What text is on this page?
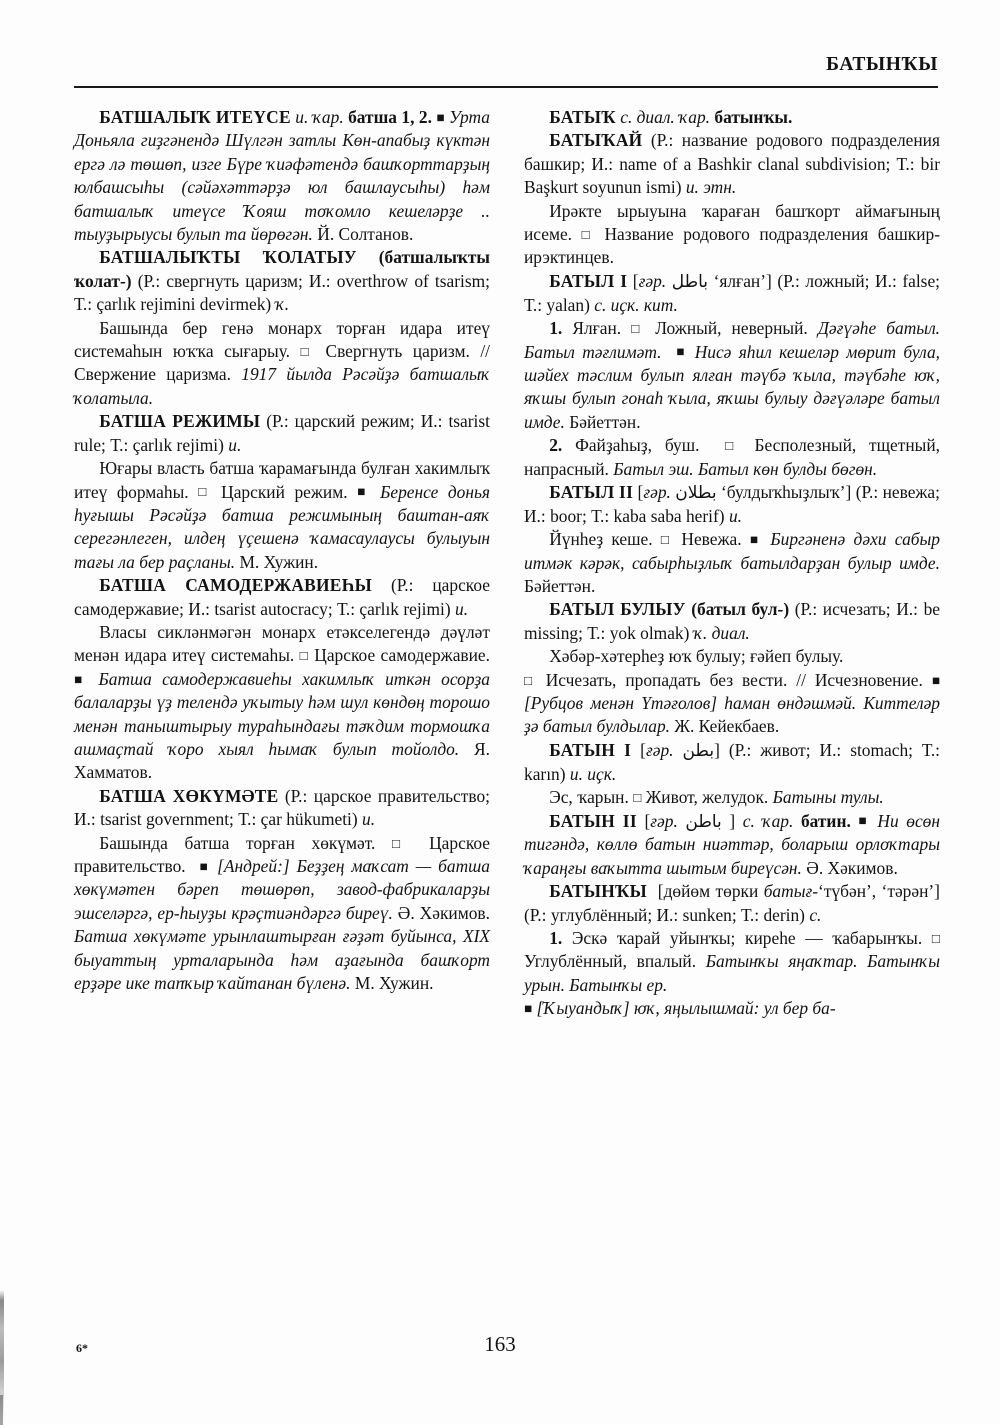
БАТЫНҠЫ

БАТШАЛЫҠ ИТЕҮСЕ и. ҡар. батша 1, 2. ■ Урта Доньяла гиҙгәнендә Шүлгән затлы Көн-апабыҙ күктән ергә лә төшөп, изге Бүре ҡиәфәтендә башҡорттарҙың юлбашсыһы (сәйәхәттәрҙә юл башлаусыһы) һәм батшалыҡ итеүсе Ҡояш тоҡомло кешеләрҙе .. тыуҙырыусы булып та йөрөгән. Й. Солтанов.

БАТШАЛЫҠТЫ ҠОЛАТЫУ (батшалыҡты ҡолат-) (Р.: свергнуть царизм; И.: overthrow of tsarism; Т.: çarlık rejimini devirmek) ҡ.

Башында бер генә монарх торған идара итеү системаһын юҡҡа сығарыу. □ Свергнуть царизм. // Свержение царизма. 1917 йылда Рәсәйҙә батшалыҡ ҡолатыла.

БАТША РЕЖИМЫ (Р.: царский режим; И.: tsarist rule; Т.: çarlık rejimi) и.

Юғары власть батша ҡарамағында булған хакимлыҡ итеү формаһы. □ Царский режим. ■ Беренсе донья һуғышы Рәсәйҙә батша режимының баштан-аяҡ серегәнлеген, илдең үҫешенә ҡамасаулаусы булыуын тағы ла бер раҫланы. М. Хужин.

БАТША САМОДЕРЖАВИЕҺЫ (Р.: царское самодержавие; И.: tsarist autocracy; Т.: çarlık rejimi) и.

Власы сикләнмәгән монарх етәкселегендә дәүләт менән идара итеү системаһы. □ Царское самодержавие. ■ Батша самодержавиеһы хакимлыҡ иткән осорҙа балаларҙы үҙ телендә уҡытыу һәм шул көндөң торошо менән таныштырыу тураһындағы тәҡдим тормошҡа ашмаҫтай ҡоро хыял һымаҡ булып тойолдо. Я. Хамматов.

БАТША ХӨКҮМӘТЕ (Р.: царское правительство; И.: tsarist government; Т.: çar hükumeti) и.

Башында батша торған хөкүмәт. □	Царское правительство. ■ [Андрей:] Беҙҙең маҡсат — батша хөкүмәтен бәреп төшөрөп, завод-фабрикаларҙы эшселәргә, ер-һыуҙы крәҫтиәндәргә биреү. Ә. Хәкимов. Батша хөкүмәте урынлаштырған ғәҙәт буйынса, XIX быуаттың урталарында һәм аҙағында башҡорт ерҙәре ике тапҡыр ҡайтанан бүленә. М. Хужин.

БАТЫҠ с. диал. ҡар. батынҡы.

БАТЫҠАЙ (Р.: название родового подразделения башкир; И.: name of a Bashkir clanal subdivision; Т.: bir Başkurt soyunun ismi) и. этн.

Ирәкте ырыуына ҡараған башҡорт аймағының исеме. □ Название родового подразделения башкир-ирэктинцев.

БАТЫЛ I [ғәр. باطل ‘ялған’] (Р.: ложный; И.: false; Т.: yalan) с. иҫк. кит.

1. Ялған. □ Ложный, неверный. Дәғүәһе батыл. Батыл тәғлимәт. ■ Нисә яһил кешеләр мөрит була, шәйех тәслим булып ялған тәүбә ҡыла, тәүбәһе юҡ, яҡшы булып гонаһ ҡыла, яҡшы булыу дәғүәләре батыл имде. Бәйеттән.

2. Файҙаһыҙ, буш. □	Бесполезный, тщетный, напрасный. Батыл эш. Батыл көн булды бөгөн.

БАТЫЛ II [ғәр. بطلان ‘булдыҡһыҙлыҡ’] (Р.: невежа; И.: boor; Т.: kaba saba herif) и.

Йүнһеҙ кеше. □ Невежа. ■ Биргәненә дәхи сабыр итмәк кәрәк, сабырһыҙлыҡ батылдарҙан булыр имде. Бәйеттән.

БАТЫЛ БУЛЫУ (батыл бул-) (Р.: исчезать; И.: be missing; Т.: yok olmak) ҡ. диал.

Хәбәр-хәтерһеҙ юҡ булыу; ғәйеп булыу.

□ Исчезать, пропадать без вести. // Исчезновение. ■ [Рубцов менән Үтәғолов] һаман өндәшмәй. Киттеләр ҙә батыл булдылар. Ж. Кейекбаев.

БАТЫН I [ғәр. بطن] (Р.: живот; И.: stomach; Т.: karın) и. иҫк.

Эс, ҡарын. □ Живот, желудок. Батыны тулы.

БАТЫН II [ғәр. باطن ] с. ҡар. батин. ■ Ни өсөн тигәндә, көллө батын ниәттәр, боларыш орлоҡтары ҡараңғы ваҡытта шытым биреүсән. Ә. Хәкимов.

БАТЫНҠЫ  [дөйөм төрки батығ-‘түбән’, ‘тәрән’] (Р.: углублённый; И.: sunken; Т.: derin) с.

1. Эскә ҡарай уйынҡы; киреһе — ҡабарынҡы. □ Углублённый, впалый. Батынҡы яңаҡтар. Батынҡы урын. Батынҡы ер.

■ [Ҡыуандыҡ] юҡ, яңылышмай: ул бер ба-

6*	163
